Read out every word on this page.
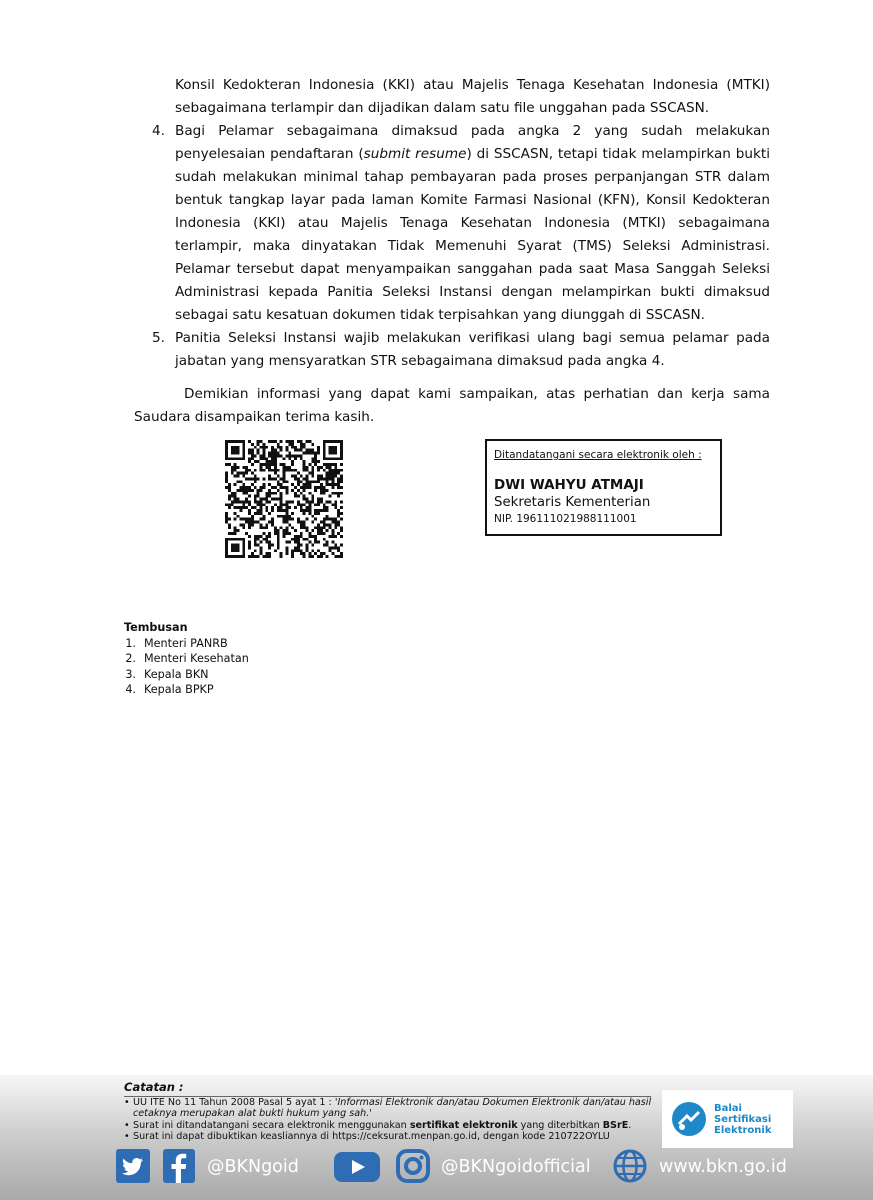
Konsil Kedokteran Indonesia (KKI) atau Majelis Tenaga Kesehatan Indonesia (MTKI) sebagaimana terlampir dan dijadikan dalam satu file unggahan pada SSCASN.

4. Bagi Pelamar sebagaimana dimaksud pada angka 2 yang sudah melakukan penyelesaian pendaftaran (submit resume) di SSCASN, tetapi tidak melampirkan bukti sudah melakukan minimal tahap pembayaran pada proses perpanjangan STR dalam bentuk tangkap layar pada laman Komite Farmasi Nasional (KFN), Konsil Kedokteran Indonesia (KKI) atau Majelis Tenaga Kesehatan Indonesia (MTKI) sebagaimana terlampir, maka dinyatakan Tidak Memenuhi Syarat (TMS) Seleksi Administrasi. Pelamar tersebut dapat menyampaikan sanggahan pada saat Masa Sanggah Seleksi Administrasi kepada Panitia Seleksi Instansi dengan melampirkan bukti dimaksud sebagai satu kesatuan dokumen tidak terpisahkan yang diunggah di SSCASN.

5. Panitia Seleksi Instansi wajib melakukan verifikasi ulang bagi semua pelamar pada jabatan yang mensyaratkan STR sebagaimana dimaksud pada angka 4.

Demikian informasi yang dapat kami sampaikan, atas perhatian dan kerja sama Saudara disampaikan terima kasih.

Ditandatangani secara elektronik oleh :
DWI WAHYU ATMAJI
Sekretaris Kementerian
NIP. 196111021988111001
Tembusan
1. Menteri PANRB
2. Menteri Kesehatan
3. Kepala BKN
4. Kepala BPKP
Catatan :
• UU ITE No 11 Tahun 2008 Pasal 5 ayat 1 : 'Informasi Elektronik dan/atau Dokumen Elektronik dan/atau hasil cetaknya merupakan alat bukti hukum yang sah.'
• Surat ini ditandatangani secara elektronik menggunakan sertifikat elektronik yang diterbitkan BSrE.
• Surat ini dapat dibuktikan keasliannya di https://ceksurat.menpan.go.id, dengan kode 210722OYLU
Balai
Sertifikasi
Elektronik
@BKNgoid	@BKNgoidofficial	www.bkn.go.id
